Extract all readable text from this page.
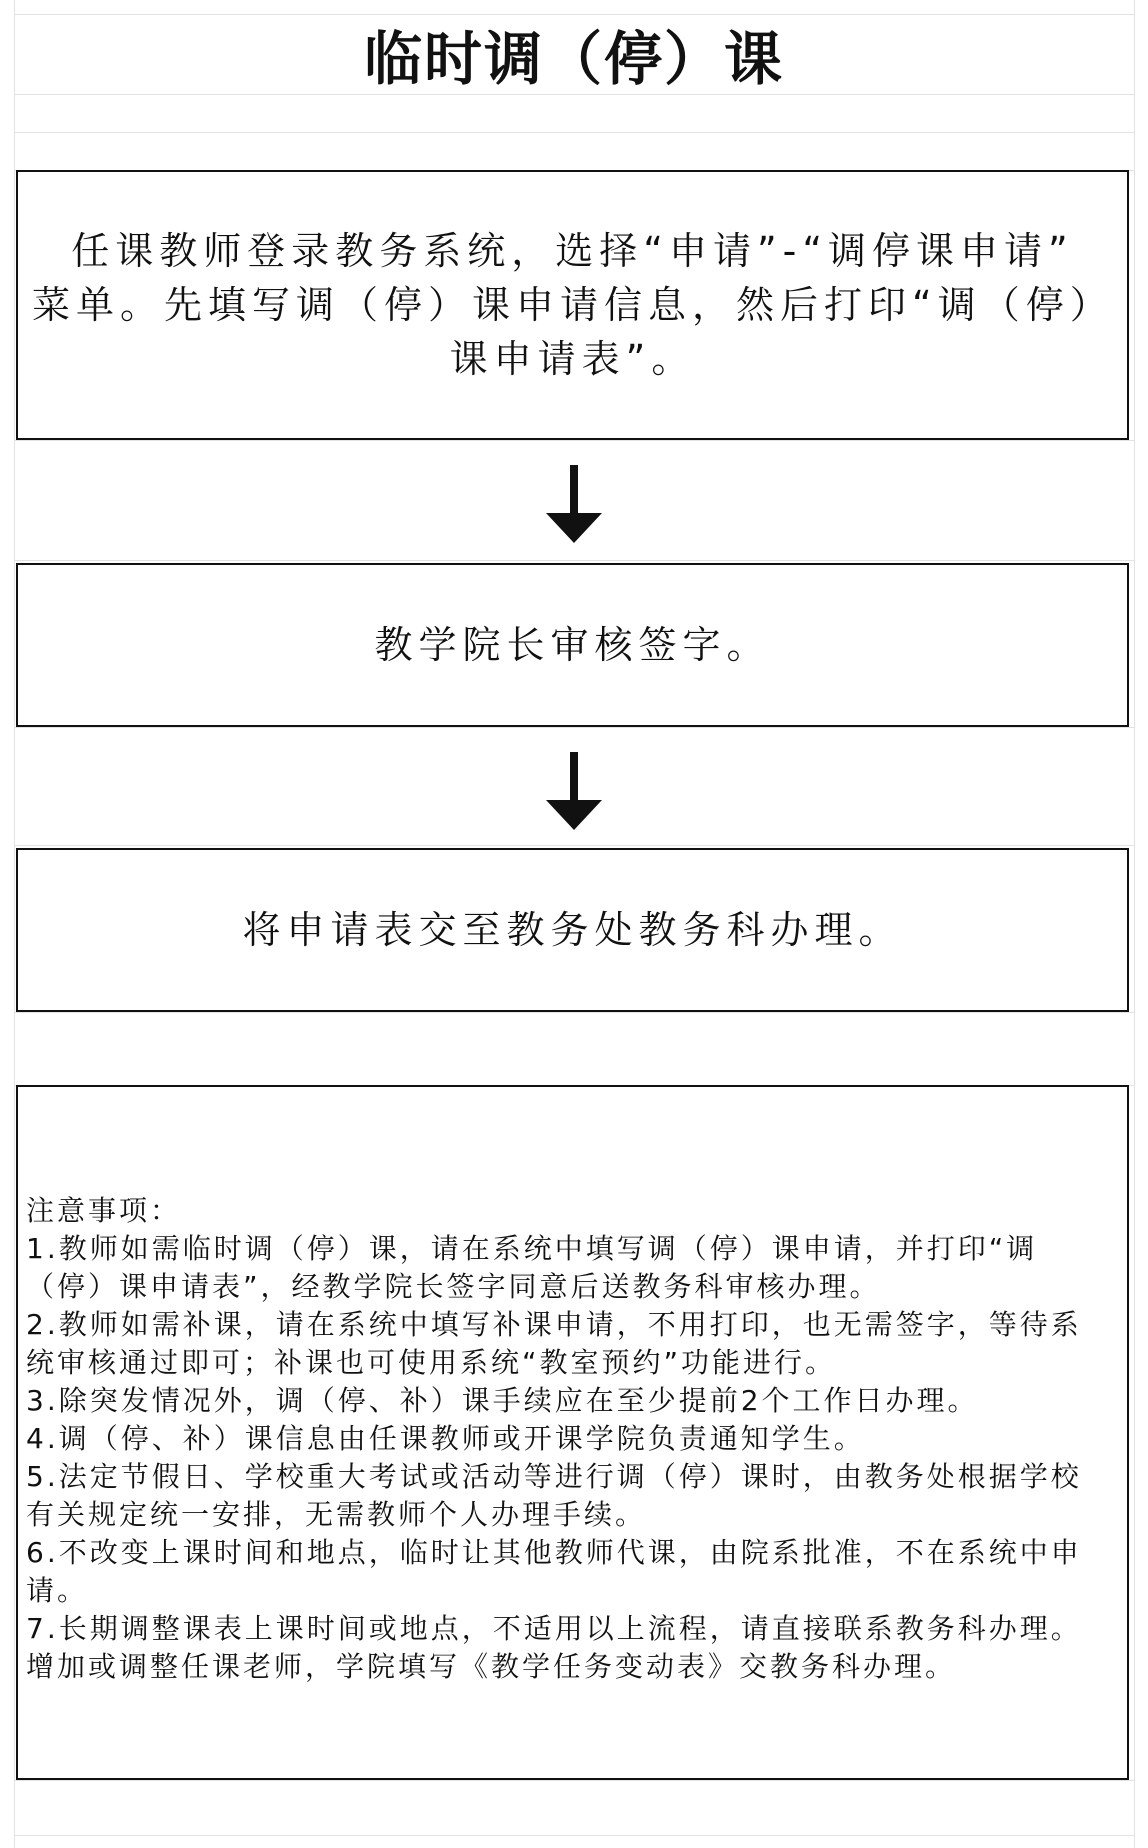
临时调（停）课
任课教师登录教务系统，选择“申请”-“调停课申请”
菜单。先填写调（停）课申请信息，然后打印“调（停）
课申请表”。
教学院长审核签字。
将申请表交至教务处教务科办理。
注意事项：
1.教师如需临时调（停）课，请在系统中填写调（停）课申请，并打印“调
（停）课申请表”，经教学院长签字同意后送教务科审核办理。
2.教师如需补课，请在系统中填写补课申请，不用打印，也无需签字，等待系
统审核通过即可；补课也可使用系统“教室预约”功能进行。
3.除突发情况外，调（停、补）课手续应在至少提前2个工作日办理。
4.调（停、补）课信息由任课教师或开课学院负责通知学生。
5.法定节假日、学校重大考试或活动等进行调（停）课时，由教务处根据学校
有关规定统一安排，无需教师个人办理手续。
6.不改变上课时间和地点，临时让其他教师代课，由院系批准，不在系统中申
请。
7.长期调整课表上课时间或地点，不适用以上流程，请直接联系教务科办理。
增加或调整任课老师，学院填写《教学任务变动表》交教务科办理。
